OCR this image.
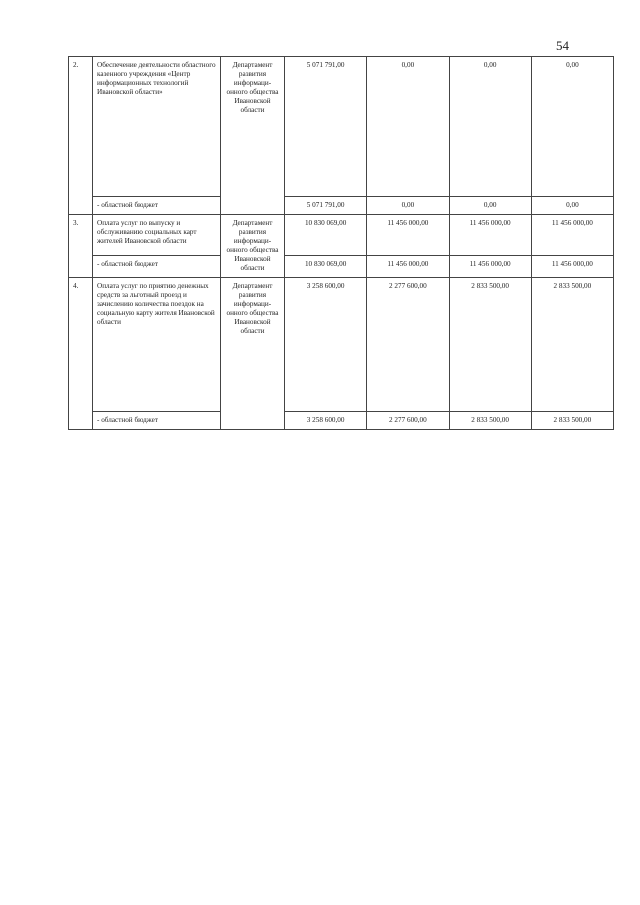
54
2.	Обеспечение деятельности областного казенного учреждения «Центр информационных технологий Ивановской области»	Департамент развития информаци-онного общества Ивановской области	5 071 791,00	0,00	0,00	0,00
	- областной бюджет		5 071 791,00	0,00	0,00	0,00
3.	Оплата услуг по выпуску и обслуживанию социальных карт жителей Ивановской области	Департамент развития информаци-онного общества Ивановской области	10 830 069,00	11 456 000,00	11 456 000,00	11 456 000,00
	- областной бюджет		10 830 069,00	11 456 000,00	11 456 000,00	11 456 000,00
4.	Оплата услуг по приятию денежных средств за льготный проезд и зачислению количества поездок на социальную карту жителя Ивановской области	Департамент развития информаци-онного общества Ивановской области	3 258 600,00	2 277 600,00	2 833 500,00	2 833 500,00
	- областной бюджет		3 258 600,00	2 277 600,00	2 833 500,00	2 833 500,00
